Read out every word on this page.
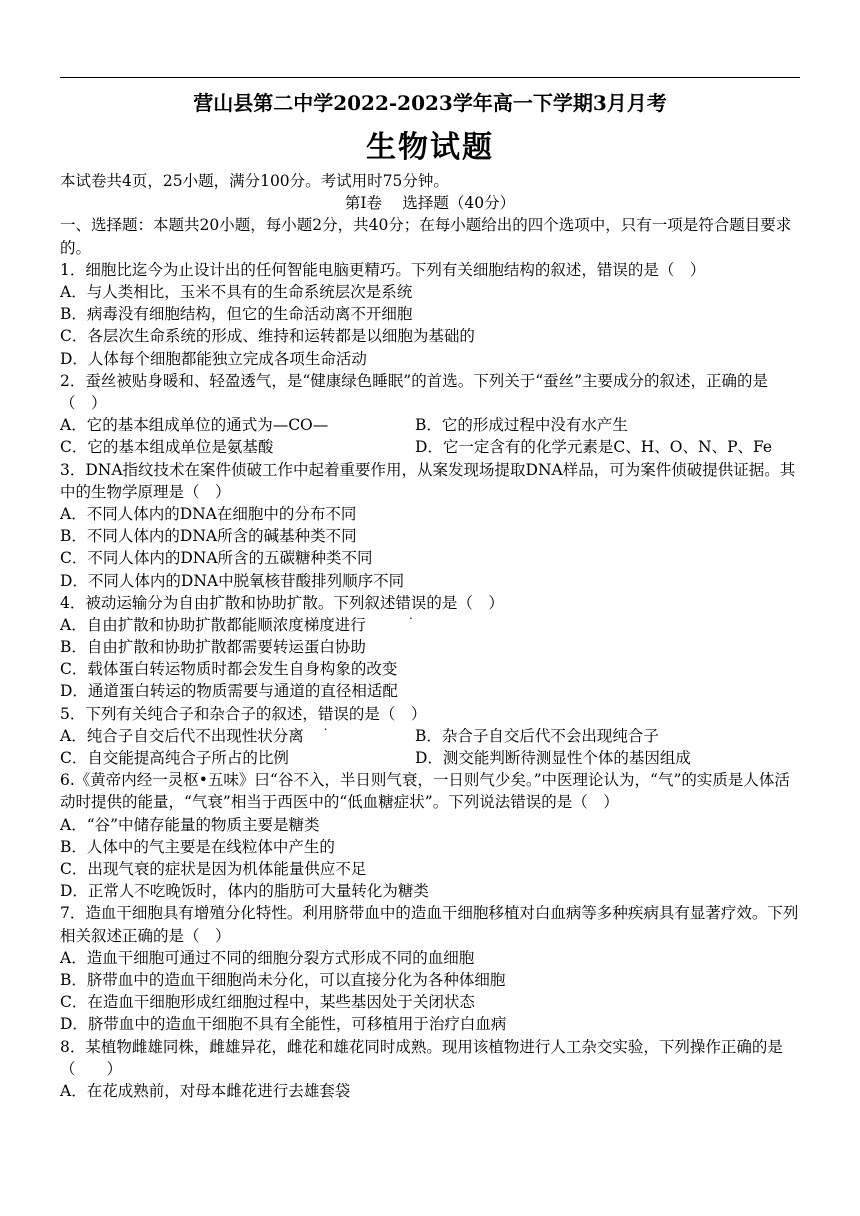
营山县第二中学2022-2023学年高一下学期3月月考
生物试题
本试卷共4页，25小题，满分100分。考试用时75分钟。
第I卷　 选择题（40分）
一、选择题：本题共20小题，每小题2分，共40分；在每小题给出的四个选项中，只有一项是符合题目要求的。
1．细胞比迄今为止设计出的任何智能电脑更精巧。下列有关细胞结构的叙述，错误的是（　）
A．与人类相比，玉米不具有的生命系统层次是系统
B．病毒没有细胞结构，但它的生命活动离不开细胞
C．各层次生命系统的形成、维持和运转都是以细胞为基础的
D．人体每个细胞都能独立完成各项生命活动
2．蚕丝被贴身暖和、轻盈透气，是“健康绿色睡眠”的首选。下列关于“蚕丝”主要成分的叙述，正确的是（　）
A．它的基本组成单位的通式为—CO—	B．它的形成过程中没有水产生
C．它的基本组成单位是氨基酸	D．它一定含有的化学元素是C、H、O、N、P、Fe
3．DNA指纹技术在案件侦破工作中起着重要作用，从案发现场提取DNA样品，可为案件侦破提供证据。其中的生物学原理是（　）
A．不同人体内的DNA在细胞中的分布不同
B．不同人体内的DNA所含的碱基种类不同
C．不同人体内的DNA所含的五碳糖种类不同
D．不同人体内的DNA中脱氧核苷酸排列顺序不同
4．被动运输分为自由扩散和协助扩散。下列叙述错误的是（　）
A．自由扩散和协助扩散都能顺浓度梯度进行
B．自由扩散和协助扩散都需要转运蛋白协助
C．载体蛋白转运物质时都会发生自身构象的改变
D．通道蛋白转运的物质需要与通道的直径相适配
5．下列有关纯合子和杂合子的叙述，错误的是（　）
A．纯合子自交后代不出现性状分离	B．杂合子自交后代不会出现纯合子
C．自交能提高纯合子所占的比例	D．测交能判断待测显性个体的基因组成
6.《黄帝内经一灵枢•五味》曰“谷不入，半日则气衰，一日则气少矣。”中医理论认为，“气”的实质是人体活动时提供的能量，“气衰”相当于西医中的“低血糖症状”。下列说法错误的是（　）
A．“谷”中储存能量的物质主要是糖类
B．人体中的气主要是在线粒体中产生的
C．出现气衰的症状是因为机体能量供应不足
D．正常人不吃晚饭时，体内的脂肪可大量转化为糖类
7．造血干细胞具有增殖分化特性。利用脐带血中的造血干细胞移植对白血病等多种疾病具有显著疗效。下列相关叙述正确的是（　）
A．造血干细胞可通过不同的细胞分裂方式形成不同的血细胞
B．脐带血中的造血干细胞尚未分化，可以直接分化为各种体细胞
C．在造血干细胞形成红细胞过程中，某些基因处于关闭状态
D．脐带血中的造血干细胞不具有全能性，可移植用于治疗白血病
8．某植物雌雄同株，雌雄异花，雌花和雄花同时成熟。现用该植物进行人工杂交实验，下列操作正确的是（　　）
A．在花成熟前，对母本雌花进行去雄套袋
